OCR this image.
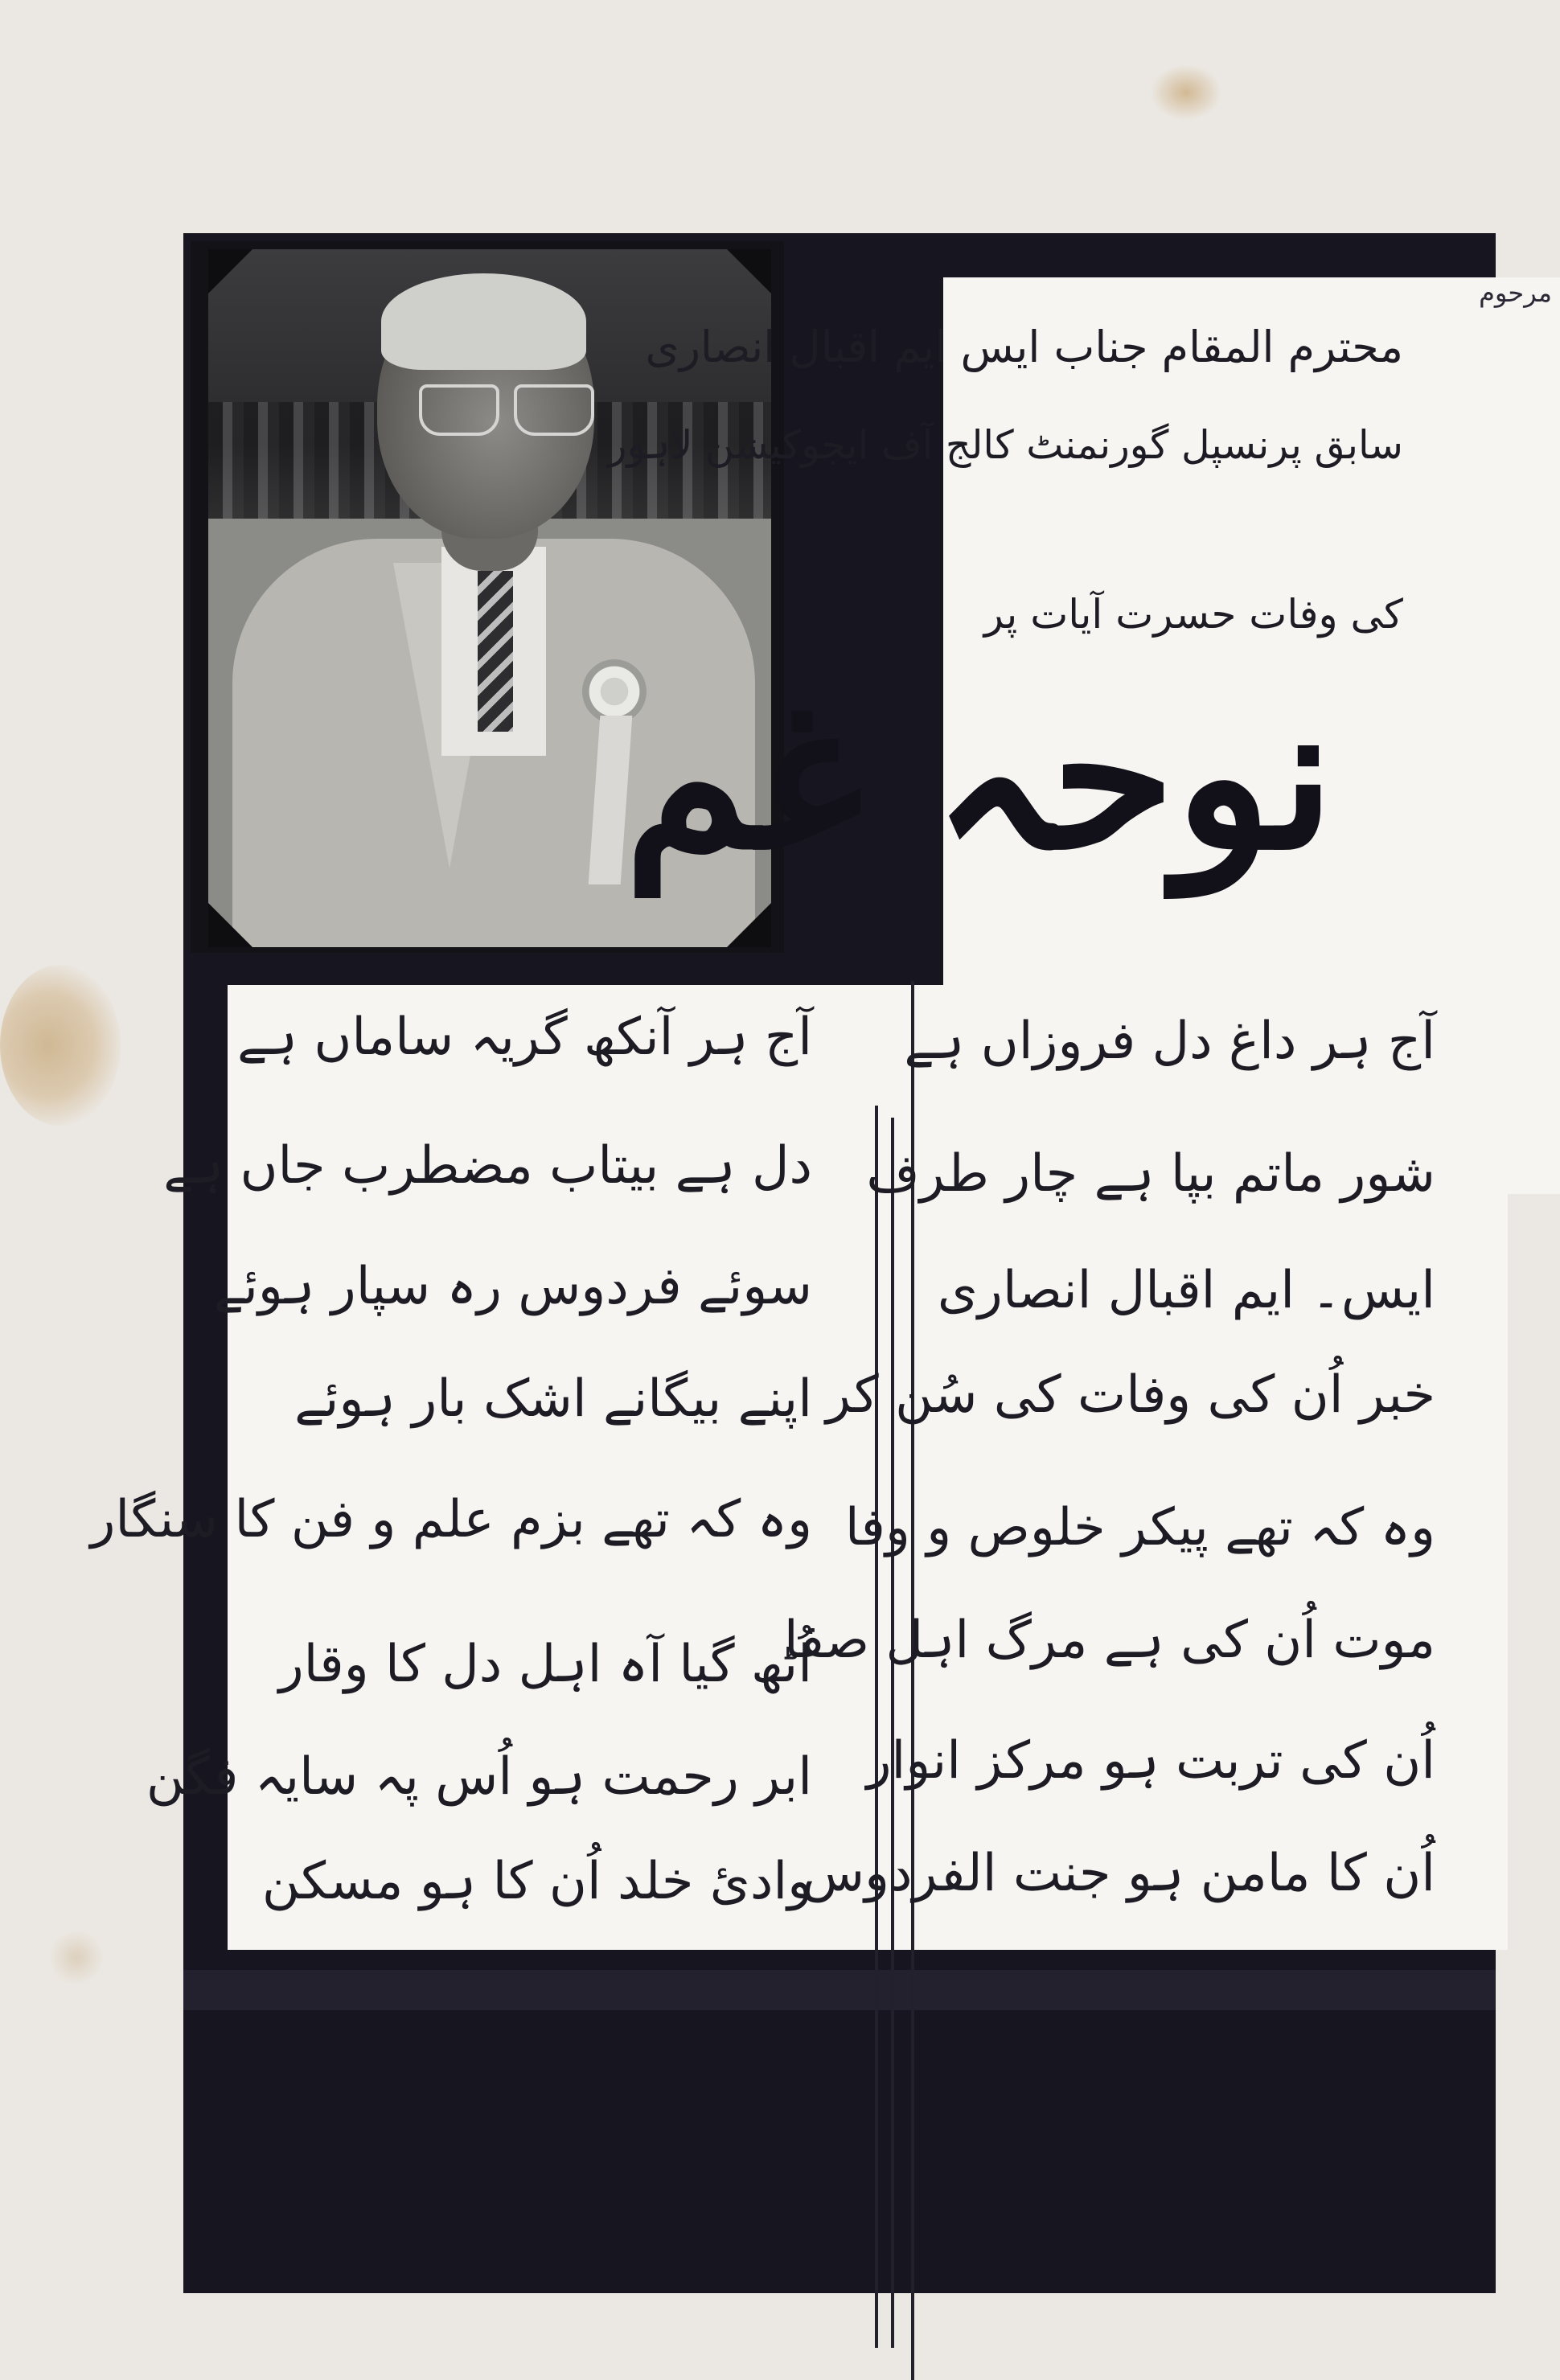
مرحوم
محترم المقام جناب ایس ایم اقبال انصاری
سابق پرنسپل گورنمنٹ کالج آف ایجوکیشن لاہور
کی وفات حسرت آیات پر
نوحہ غم
آج ہر داغ دل فروزاں ہے
شور ماتم بپا ہے چار طرف
ایس۔ ایم اقبال انصاری
خبر اُن کی وفات کی سُن کر
وہ کہ تھے پیکر خلوص و وفا
موت اُن کی ہے مرگ اہل صفا
اُن کی تربت ہو مرکز انوار
اُن کا مامن ہو جنت الفردوس
آج ہر آنکھ گریہ ساماں ہے
دل ہے بیتاب مضطرب جاں ہے
سوئے فردوس رہ سپار ہوئے
اپنے بیگانے اشک بار ہوئے
وہ کہ تھے بزم علم و فن کا سنگار
اُٹھ گیا آہ اہل دل کا وقار
ابر رحمت ہو اُس پہ سایہ فگن
وادیٔ خلد اُن کا ہو مسکن
